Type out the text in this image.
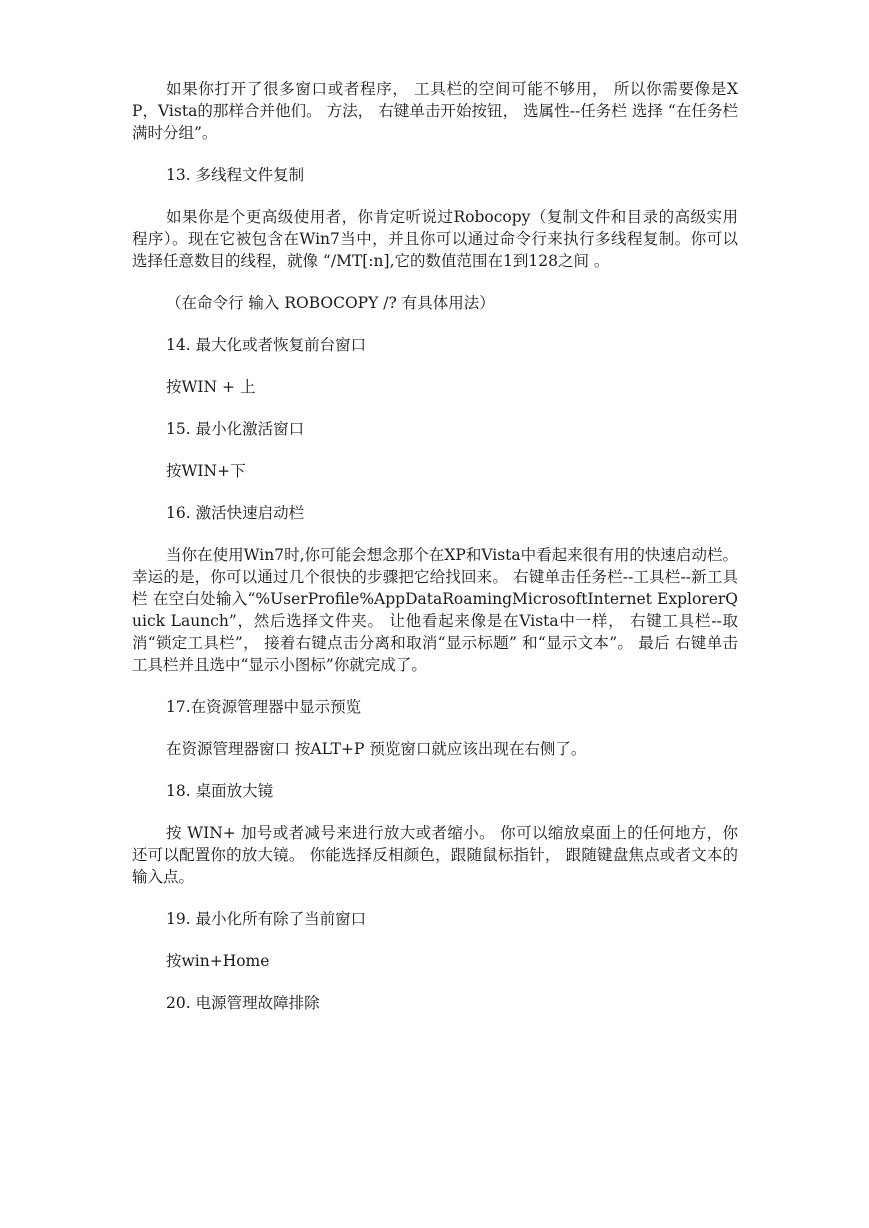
如果你打开了很多窗口或者程序， 工具栏的空间可能不够用， 所以你需要像是XP，Vista的那样合并他们。 方法， 右键单击开始按钮， 选属性--任务栏 选择 “在任务栏满时分组”。

13. 多线程文件复制

如果你是个更高级使用者，你肯定听说过Robocopy（复制文件和目录的高级实用程序）。现在它被包含在Win7当中，并且你可以通过命令行来执行多线程复制。你可以选择任意数目的线程，就像 “/MT[:n],它的数值范围在1到128之间 。

（在命令行 输入 ROBOCOPY /? 有具体用法）

14. 最大化或者恢复前台窗口

按WIN + 上

15. 最小化激活窗口

按WIN+下

16. 激活快速启动栏

当你在使用Win7时,你可能会想念那个在XP和Vista中看起来很有用的快速启动栏。 幸运的是，你可以通过几个很快的步骤把它给找回来。 右键单击任务栏--工具栏--新工具栏 在空白处输入“%UserProfile%AppDataRoamingMicrosoftInternet ExplorerQuick Launch”，然后选择文件夹。 让他看起来像是在Vista中一样， 右键工具栏--取消“锁定工具栏”， 接着右键点击分离和取消“显示标题” 和“显示文本”。 最后 右键单击工具栏并且选中“显示小图标”你就完成了。

17.在资源管理器中显示预览

在资源管理器窗口 按ALT+P 预览窗口就应该出现在右侧了。

18. 桌面放大镜

按 WIN+ 加号或者减号来进行放大或者缩小。 你可以缩放桌面上的任何地方，你还可以配置你的放大镜。 你能选择反相颜色，跟随鼠标指针， 跟随键盘焦点或者文本的输入点。

19. 最小化所有除了当前窗口

按win+Home

20. 电源管理故障排除
